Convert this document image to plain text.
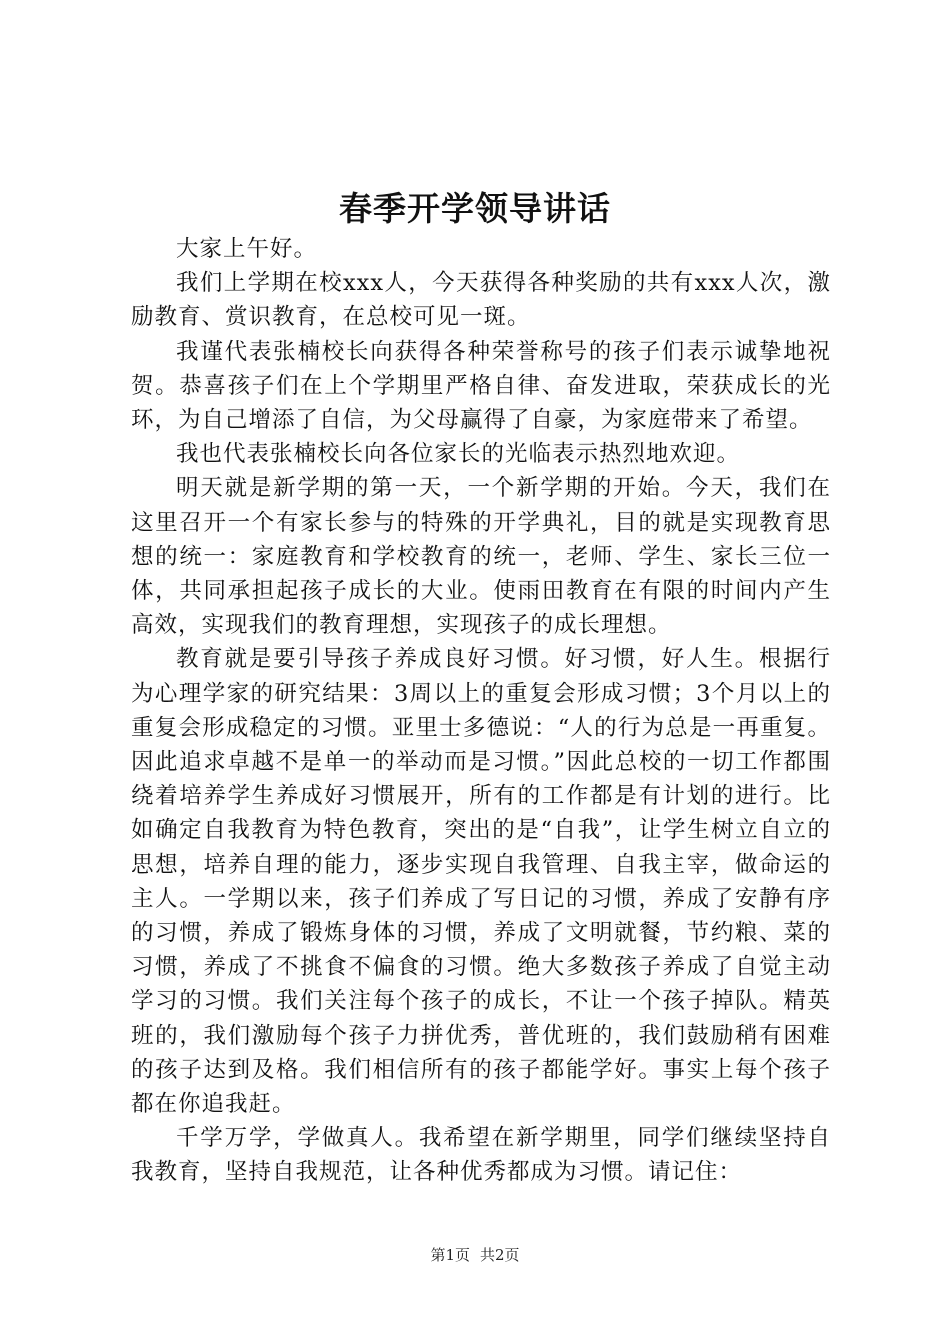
春季开学领导讲话

大家上午好。

我们上学期在校xxx人，今天获得各种奖励的共有xxx人次，激励教育、赏识教育，在总校可见一斑。

我谨代表张楠校长向获得各种荣誉称号的孩子们表示诚挚地祝贺。恭喜孩子们在上个学期里严格自律、奋发进取，荣获成长的光环，为自己增添了自信，为父母赢得了自豪，为家庭带来了希望。

我也代表张楠校长向各位家长的光临表示热烈地欢迎。

明天就是新学期的第一天，一个新学期的开始。今天，我们在这里召开一个有家长参与的特殊的开学典礼，目的就是实现教育思想的统一：家庭教育和学校教育的统一，老师、学生、家长三位一体，共同承担起孩子成长的大业。使雨田教育在有限的时间内产生高效，实现我们的教育理想，实现孩子的成长理想。

教育就是要引导孩子养成良好习惯。好习惯，好人生。根据行为心理学家的研究结果：3周以上的重复会形成习惯；3个月以上的重复会形成稳定的习惯。亚里士多德说：“人的行为总是一再重复。因此追求卓越不是单一的举动而是习惯。”因此总校的一切工作都围绕着培养学生养成好习惯展开，所有的工作都是有计划的进行。比如确定自我教育为特色教育，突出的是“自我”，让学生树立自立的思想，培养自理的能力，逐步实现自我管理、自我主宰，做命运的主人。一学期以来，孩子们养成了写日记的习惯，养成了安静有序的习惯，养成了锻炼身体的习惯，养成了文明就餐，节约粮、菜的习惯，养成了不挑食不偏食的习惯。绝大多数孩子养成了自觉主动学习的习惯。我们关注每个孩子的成长，不让一个孩子掉队。精英班的，我们激励每个孩子力拼优秀，普优班的，我们鼓励稍有困难的孩子达到及格。我们相信所有的孩子都能学好。事实上每个孩子都在你追我赶。

千学万学，学做真人。我希望在新学期里，同学们继续坚持自我教育，坚持自我规范，让各种优秀都成为习惯。请记住：

第1页 共2页
